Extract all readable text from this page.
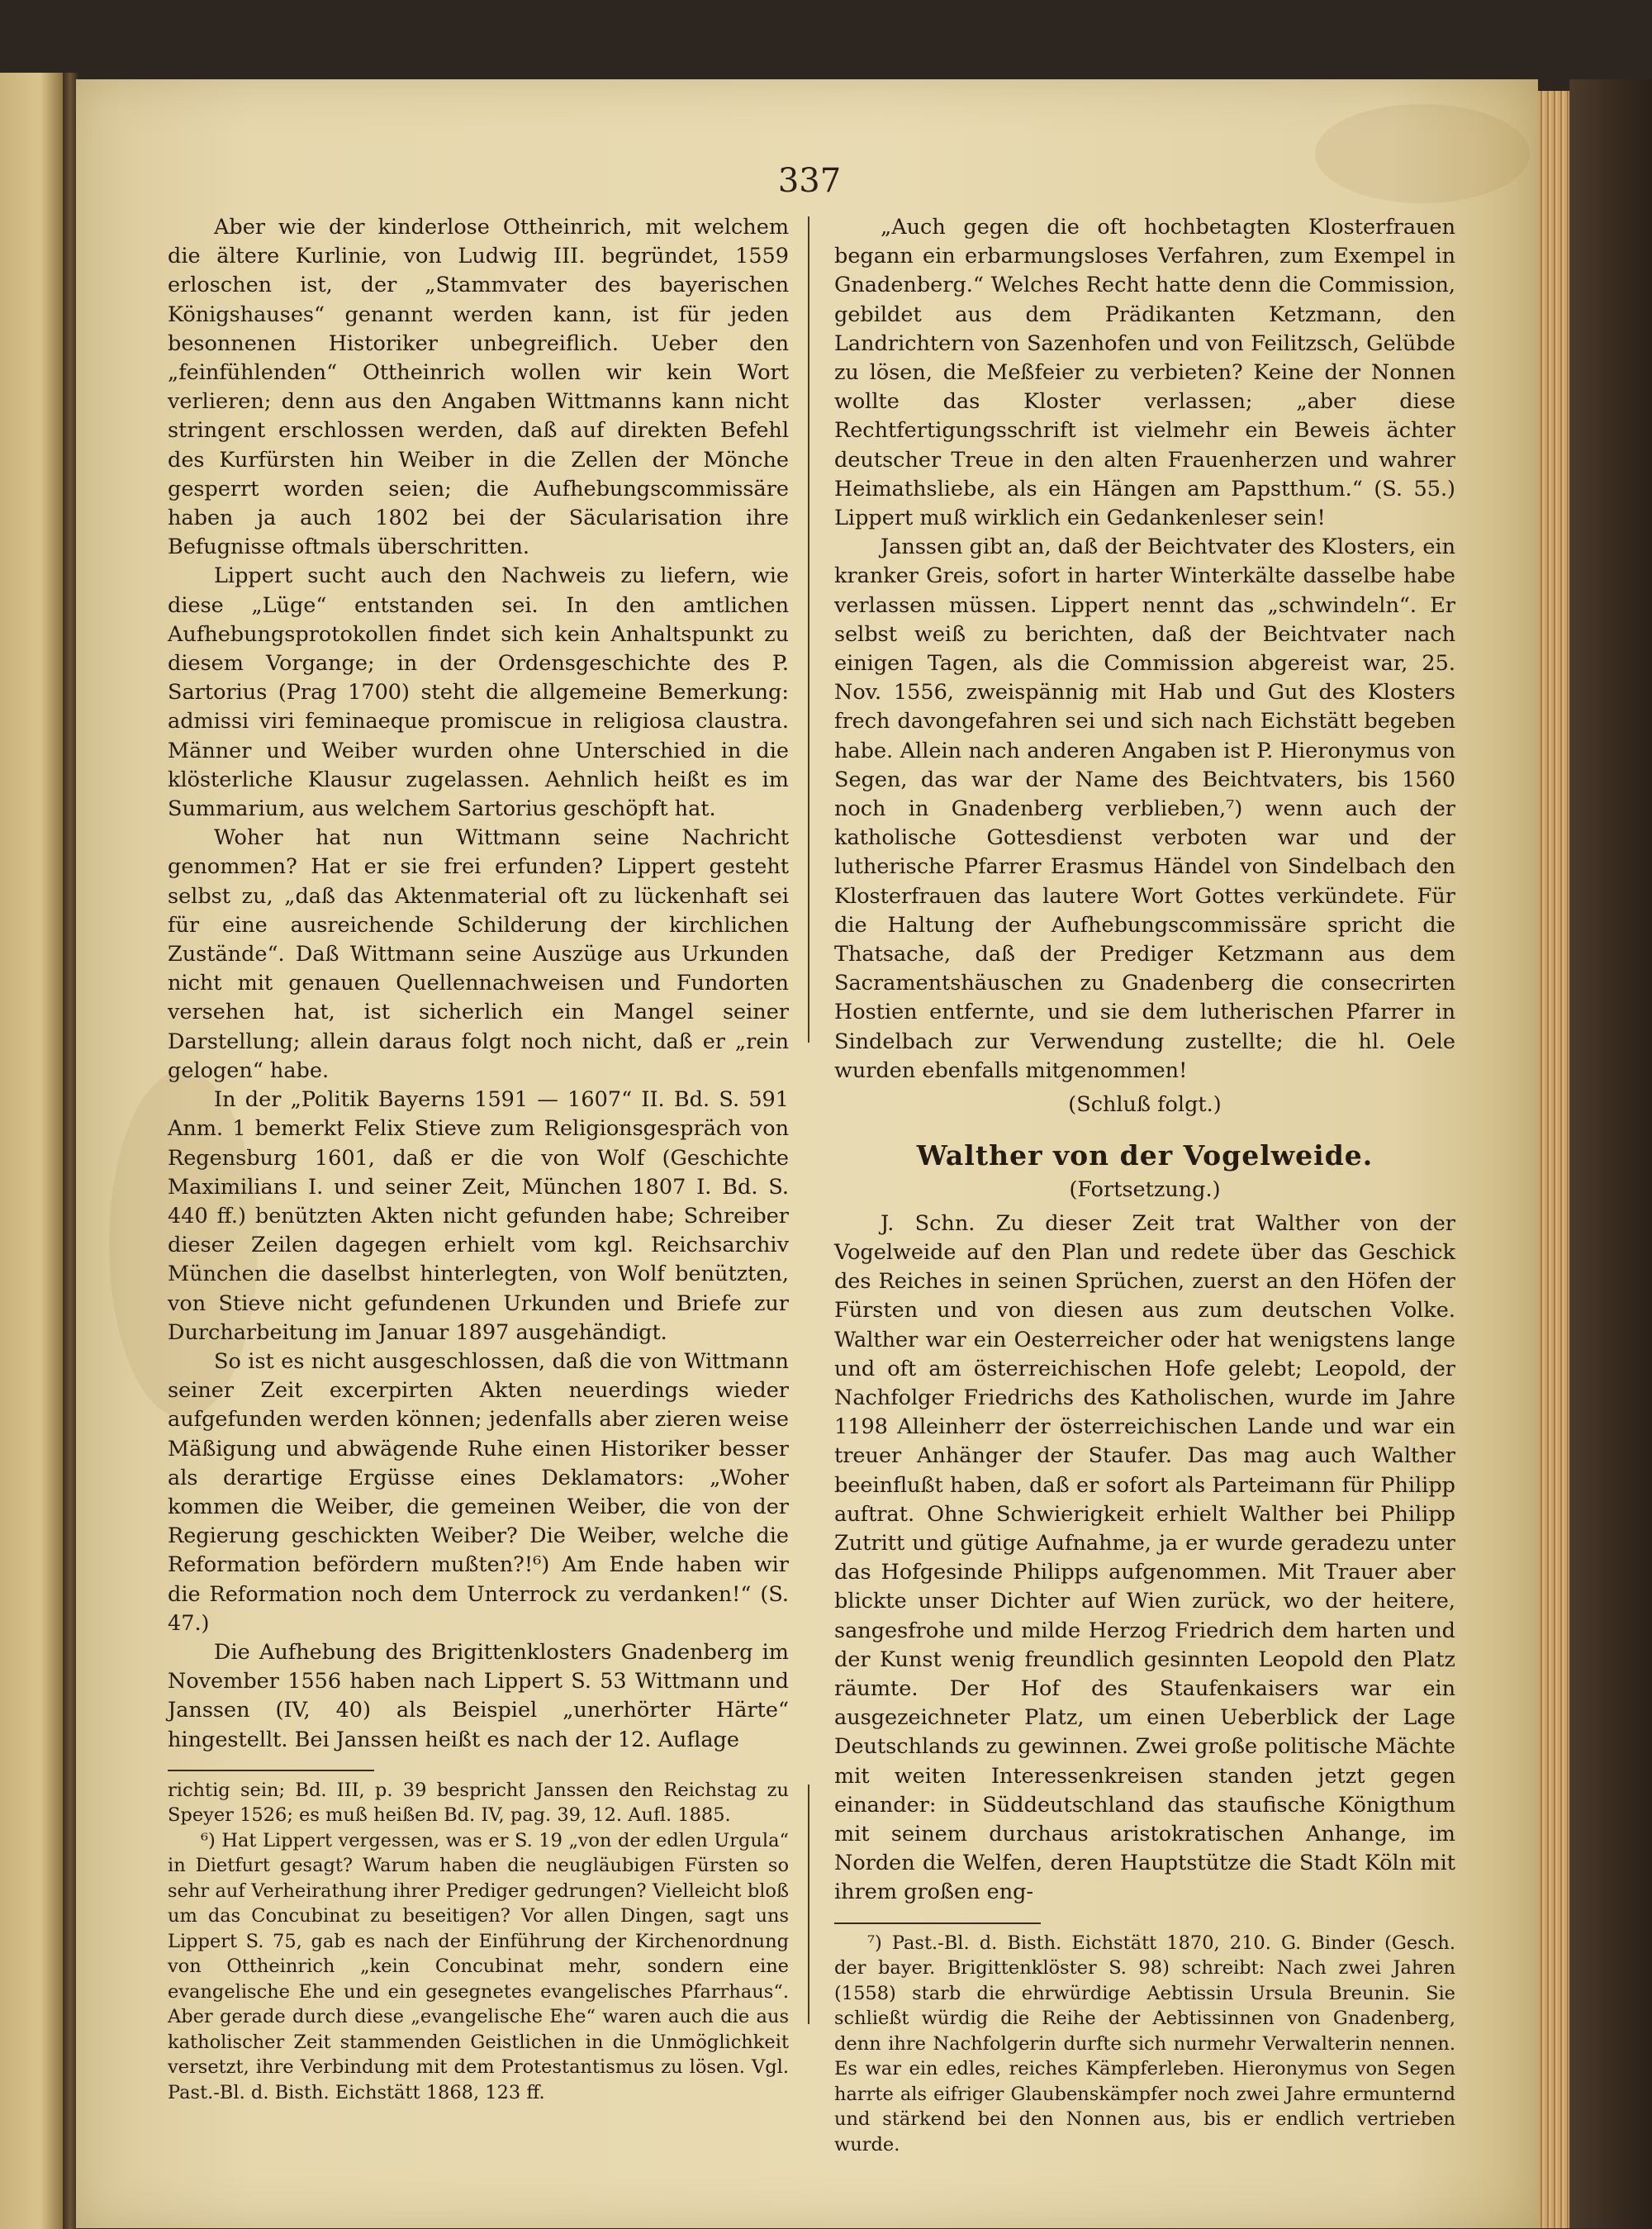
337

Aber wie der kinderlose Ottheinrich, mit welchem die ältere Kurlinie, von Ludwig III. begründet, 1559 erloschen ist, der „Stammvater des bayerischen Königshauses“ genannt werden kann, ist für jeden besonnenen Historiker unbegreiflich. Ueber den „feinfühlenden“ Ottheinrich wollen wir kein Wort verlieren; denn aus den Angaben Wittmanns kann nicht stringent erschlossen werden, daß auf direkten Befehl des Kurfürsten hin Weiber in die Zellen der Mönche gesperrt worden seien; die Aufhebungscommissäre haben ja auch 1802 bei der Säcularisation ihre Befugnisse oftmals überschritten.

Lippert sucht auch den Nachweis zu liefern, wie diese „Lüge“ entstanden sei. In den amtlichen Aufhebungsprotokollen findet sich kein Anhaltspunkt zu diesem Vorgange; in der Ordensgeschichte des P. Sartorius (Prag 1700) steht die allgemeine Bemerkung: admissi viri feminaeque promiscue in religiosa claustra. Männer und Weiber wurden ohne Unterschied in die klösterliche Klausur zugelassen. Aehnlich heißt es im Summarium, aus welchem Sartorius geschöpft hat.

Woher hat nun Wittmann seine Nachricht genommen? Hat er sie frei erfunden? Lippert gesteht selbst zu, „daß das Aktenmaterial oft zu lückenhaft sei für eine ausreichende Schilderung der kirchlichen Zustände“. Daß Wittmann seine Auszüge aus Urkunden nicht mit genauen Quellennachweisen und Fundorten versehen hat, ist sicherlich ein Mangel seiner Darstellung; allein daraus folgt noch nicht, daß er „rein gelogen“ habe.

In der „Politik Bayerns 1591 — 1607“ II. Bd. S. 591 Anm. 1 bemerkt Felix Stieve zum Religionsgespräch von Regensburg 1601, daß er die von Wolf (Geschichte Maximilians I. und seiner Zeit, München 1807 I. Bd. S. 440 ff.) benützten Akten nicht gefunden habe; Schreiber dieser Zeilen dagegen erhielt vom kgl. Reichsarchiv München die daselbst hinterlegten, von Wolf benützten, von Stieve nicht gefundenen Urkunden und Briefe zur Durcharbeitung im Januar 1897 ausgehändigt.

So ist es nicht ausgeschlossen, daß die von Wittmann seiner Zeit excerpirten Akten neuerdings wieder aufgefunden werden können; jedenfalls aber zieren weise Mäßigung und abwägende Ruhe einen Historiker besser als derartige Ergüsse eines Deklamators: „Woher kommen die Weiber, die gemeinen Weiber, die von der Regierung geschickten Weiber? Die Weiber, welche die Reformation befördern mußten?!⁶) Am Ende haben wir die Reformation noch dem Unterrock zu verdanken!“ (S. 47.)

Die Aufhebung des Brigittenklosters Gnadenberg im November 1556 haben nach Lippert S. 53 Wittmann und Janssen (IV, 40) als Beispiel „unerhörter Härte“ hingestellt. Bei Janssen heißt es nach der 12. Auflage

richtig sein; Bd. III, p. 39 bespricht Janssen den Reichstag zu Speyer 1526; es muß heißen Bd. IV, pag. 39, 12. Aufl. 1885.

⁶) Hat Lippert vergessen, was er S. 19 „von der edlen Urgula“ in Dietfurt gesagt? Warum haben die neugläubigen Fürsten so sehr auf Verheirathung ihrer Prediger gedrungen? Vielleicht bloß um das Concubinat zu beseitigen? Vor allen Dingen, sagt uns Lippert S. 75, gab es nach der Einführung der Kirchenordnung von Ottheinrich „kein Concubinat mehr, sondern eine evangelische Ehe und ein gesegnetes evangelisches Pfarrhaus“. Aber gerade durch diese „evangelische Ehe“ waren auch die aus katholischer Zeit stammenden Geistlichen in die Unmöglichkeit versetzt, ihre Verbindung mit dem Protestantismus zu lösen. Vgl. Past.-Bl. d. Bisth. Eichstätt 1868, 123 ff.

„Auch gegen die oft hochbetagten Klosterfrauen begann ein erbarmungsloses Verfahren, zum Exempel in Gnadenberg.“ Welches Recht hatte denn die Commission, gebildet aus dem Prädikanten Ketzmann, den Landrichtern von Sazenhofen und von Feilitzsch, Gelübde zu lösen, die Meßfeier zu verbieten? Keine der Nonnen wollte das Kloster verlassen; „aber diese Rechtfertigungsschrift ist vielmehr ein Beweis ächter deutscher Treue in den alten Frauenherzen und wahrer Heimathsliebe, als ein Hängen am Papstthum.“ (S. 55.) Lippert muß wirklich ein Gedankenleser sein!

Janssen gibt an, daß der Beichtvater des Klosters, ein kranker Greis, sofort in harter Winterkälte dasselbe habe verlassen müssen. Lippert nennt das „schwindeln“. Er selbst weiß zu berichten, daß der Beichtvater nach einigen Tagen, als die Commission abgereist war, 25. Nov. 1556, zweispännig mit Hab und Gut des Klosters frech davongefahren sei und sich nach Eichstätt begeben habe. Allein nach anderen Angaben ist P. Hieronymus von Segen, das war der Name des Beichtvaters, bis 1560 noch in Gnadenberg verblieben,⁷) wenn auch der katholische Gottesdienst verboten war und der lutherische Pfarrer Erasmus Händel von Sindelbach den Klosterfrauen das lautere Wort Gottes verkündete. Für die Haltung der Aufhebungscommissäre spricht die Thatsache, daß der Prediger Ketzmann aus dem Sacramentshäuschen zu Gnadenberg die consecrirten Hostien entfernte, und sie dem lutherischen Pfarrer in Sindelbach zur Verwendung zustellte; die hl. Oele wurden ebenfalls mitgenommen!

(Schluß folgt.)

Walther von der Vogelweide.

(Fortsetzung.)

J. Schn. Zu dieser Zeit trat Walther von der Vogelweide auf den Plan und redete über das Geschick des Reiches in seinen Sprüchen, zuerst an den Höfen der Fürsten und von diesen aus zum deutschen Volke. Walther war ein Oesterreicher oder hat wenigstens lange und oft am österreichischen Hofe gelebt; Leopold, der Nachfolger Friedrichs des Katholischen, wurde im Jahre 1198 Alleinherr der österreichischen Lande und war ein treuer Anhänger der Staufer. Das mag auch Walther beeinflußt haben, daß er sofort als Parteimann für Philipp auftrat. Ohne Schwierigkeit erhielt Walther bei Philipp Zutritt und gütige Aufnahme, ja er wurde geradezu unter das Hofgesinde Philipps aufgenommen. Mit Trauer aber blickte unser Dichter auf Wien zurück, wo der heitere, sangesfrohe und milde Herzog Friedrich dem harten und der Kunst wenig freundlich gesinnten Leopold den Platz räumte. Der Hof des Staufenkaisers war ein ausgezeichneter Platz, um einen Ueberblick der Lage Deutschlands zu gewinnen. Zwei große politische Mächte mit weiten Interessenkreisen standen jetzt gegen einander: in Süddeutschland das staufische Königthum mit seinem durchaus aristokratischen Anhange, im Norden die Welfen, deren Hauptstütze die Stadt Köln mit ihrem großen eng-

⁷) Past.-Bl. d. Bisth. Eichstätt 1870, 210. G. Binder (Gesch. der bayer. Brigittenklöster S. 98) schreibt: Nach zwei Jahren (1558) starb die ehrwürdige Aebtissin Ursula Breunin. Sie schließt würdig die Reihe der Aebtissinnen von Gnadenberg, denn ihre Nachfolgerin durfte sich nurmehr Verwalterin nennen. Es war ein edles, reiches Kämpferleben. Hieronymus von Segen harrte als eifriger Glaubenskämpfer noch zwei Jahre ermunternd und stärkend bei den Nonnen aus, bis er endlich vertrieben wurde.
